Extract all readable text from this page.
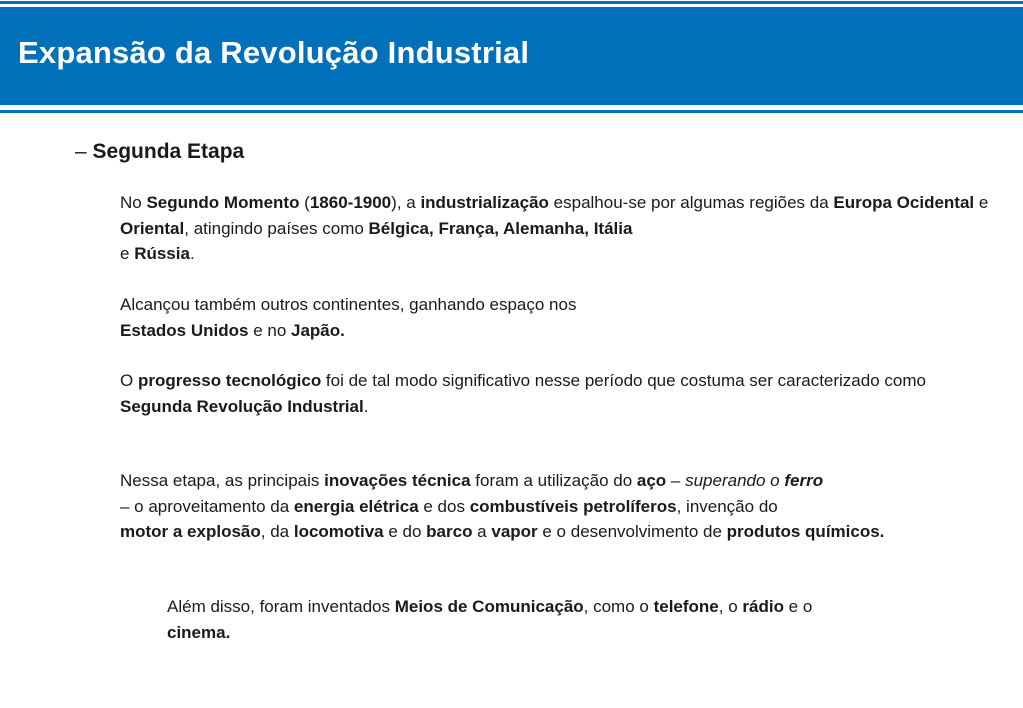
Expansão da Revolução Industrial

– Segunda Etapa

No Segundo Momento (1860-1900), a industrialização espalhou-se por algumas regiões da Europa Ocidental e Oriental, atingindo países como Bélgica, França, Alemanha, Itália
e Rússia.

Alcançou também outros continentes, ganhando espaço nos
Estados Unidos e no Japão.

O progresso tecnológico foi de tal modo significativo nesse período que costuma ser caracterizado como Segunda Revolução Industrial.

Nessa etapa, as principais inovações técnica foram a utilização do aço – superando o ferro
– o aproveitamento da energia elétrica e dos combustíveis petrolíferos, invenção do
motor a explosão, da locomotiva e do barco a vapor e o desenvolvimento de produtos químicos.

Além disso, foram inventados Meios de Comunicação, como o telefone, o rádio e o
cinema.
